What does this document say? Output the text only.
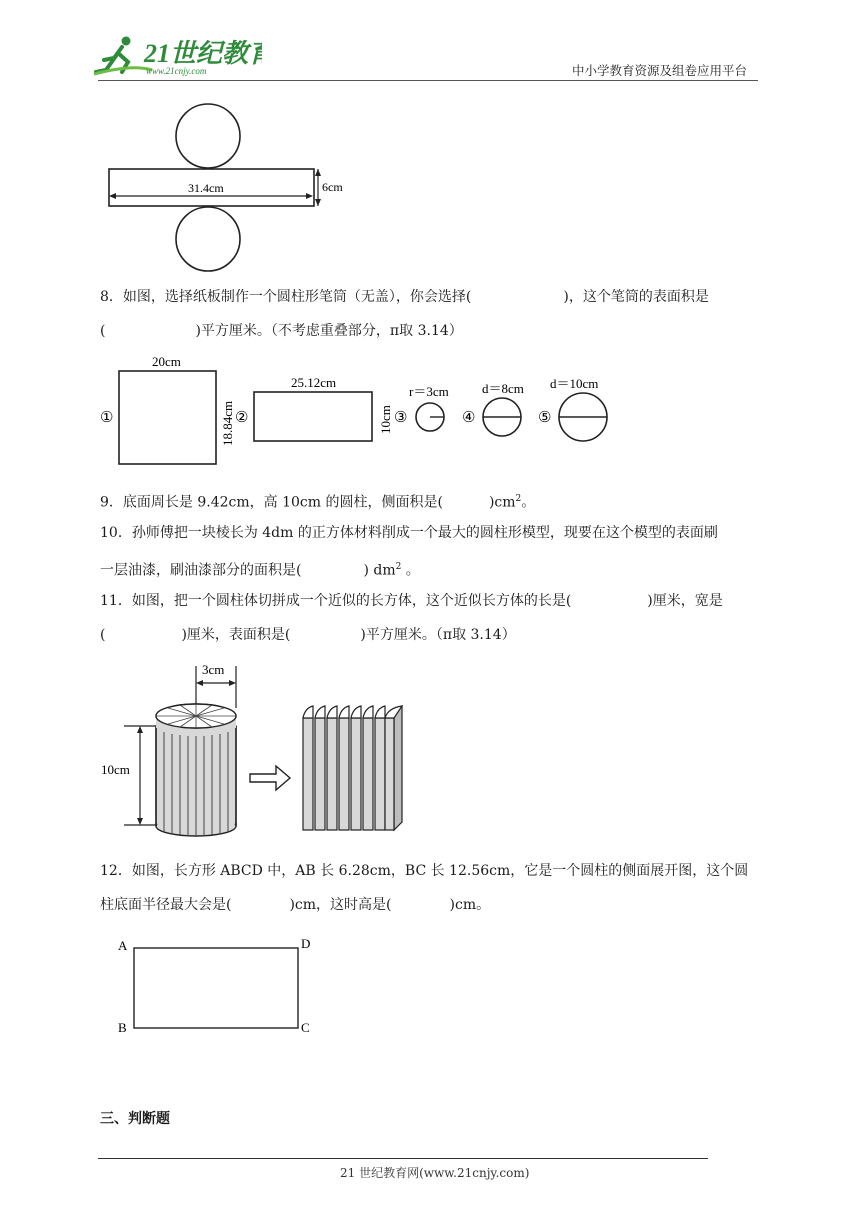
21世纪教育
www.21cnjy.com	中小学教育资源及组卷应用平台
31.4cm	6cm
8．如图，选择纸板制作一个圆柱形笔筒（无盖），你会选择(	)，这个笔筒的表面积是
(	)平方厘米。（不考虑重叠部分，π取 3.14）
①
20cm
18.84cm ②
25.12cm
10cm ③
r＝3cm
④
d＝8cm
⑤
d＝10cm
9．底面周长是 9.42cm，高 10cm 的圆柱，侧面积是(	)$cm^2$。
10．孙师傅把一块棱长为 4dm 的正方体材料削成一个最大的圆柱形模型，现要在这个模型的表面刷
一层油漆，刷油漆部分的面积是(	) $dm^2$ 。
11．如图，把一个圆柱体切拼成一个近似的长方体，这个近似长方体的长是(	)厘米，宽是
(	)厘米，表面积是(	)平方厘米。（π取 3.14）
3cm
10cm
12．如图，长方形 ABCD 中，AB 长 6.28cm，BC 长 12.56cm，它是一个圆柱的侧面展开图，这个圆
柱底面半径最大会是(	)cm，这时高是(	)cm。
A
B	C
D
三、判断题
21 世纪教育网(www.21cnjy.com)
